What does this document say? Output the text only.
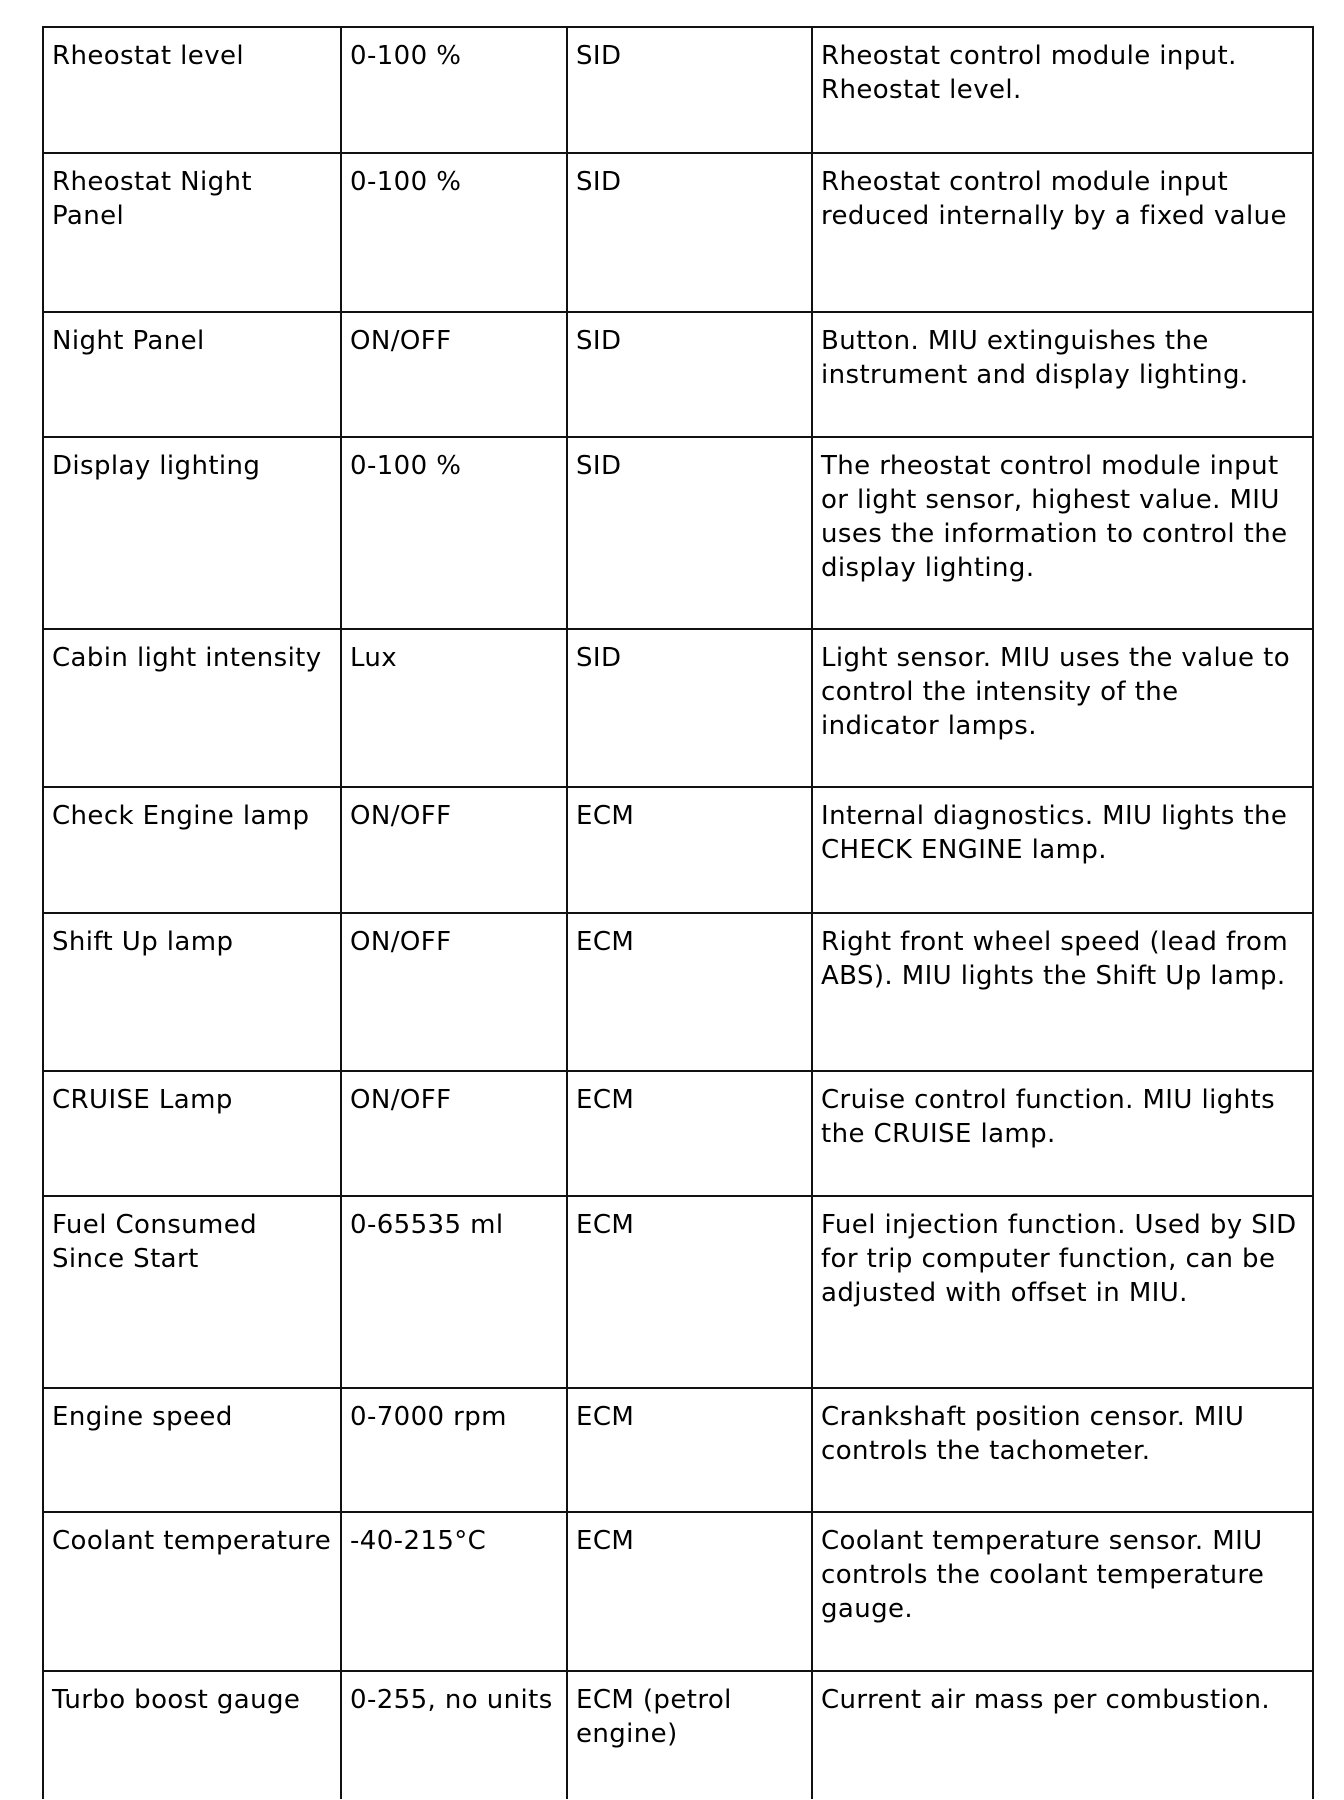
Rheostat level	0-100 %	SID	Rheostat control module input. Rheostat level.
Rheostat Night Panel	0-100 %	SID	Rheostat control module input reduced internally by a fixed value
Night Panel	ON/OFF	SID	Button. MIU extinguishes the instrument and display lighting.
Display lighting	0-100 %	SID	The rheostat control module input or light sensor, highest value. MIU uses the information to control the display lighting.
Cabin light intensity	Lux	SID	Light sensor. MIU uses the value to control the intensity of the indicator lamps.
Check Engine lamp	ON/OFF	ECM	Internal diagnostics. MIU lights the CHECK ENGINE lamp.
Shift Up lamp	ON/OFF	ECM	Right front wheel speed (lead from ABS). MIU lights the Shift Up lamp.
CRUISE Lamp	ON/OFF	ECM	Cruise control function. MIU lights the CRUISE lamp.
Fuel Consumed Since Start	0-65535 ml	ECM	Fuel injection function. Used by SID for trip computer function, can be adjusted with offset in MIU.
Engine speed	0-7000 rpm	ECM	Crankshaft position censor. MIU controls the tachometer.
Coolant temperature	-40-215°C	ECM	Coolant temperature sensor. MIU controls the coolant temperature gauge.
Turbo boost gauge	0-255, no units	ECM (petrol engine)	Current air mass per combustion.
